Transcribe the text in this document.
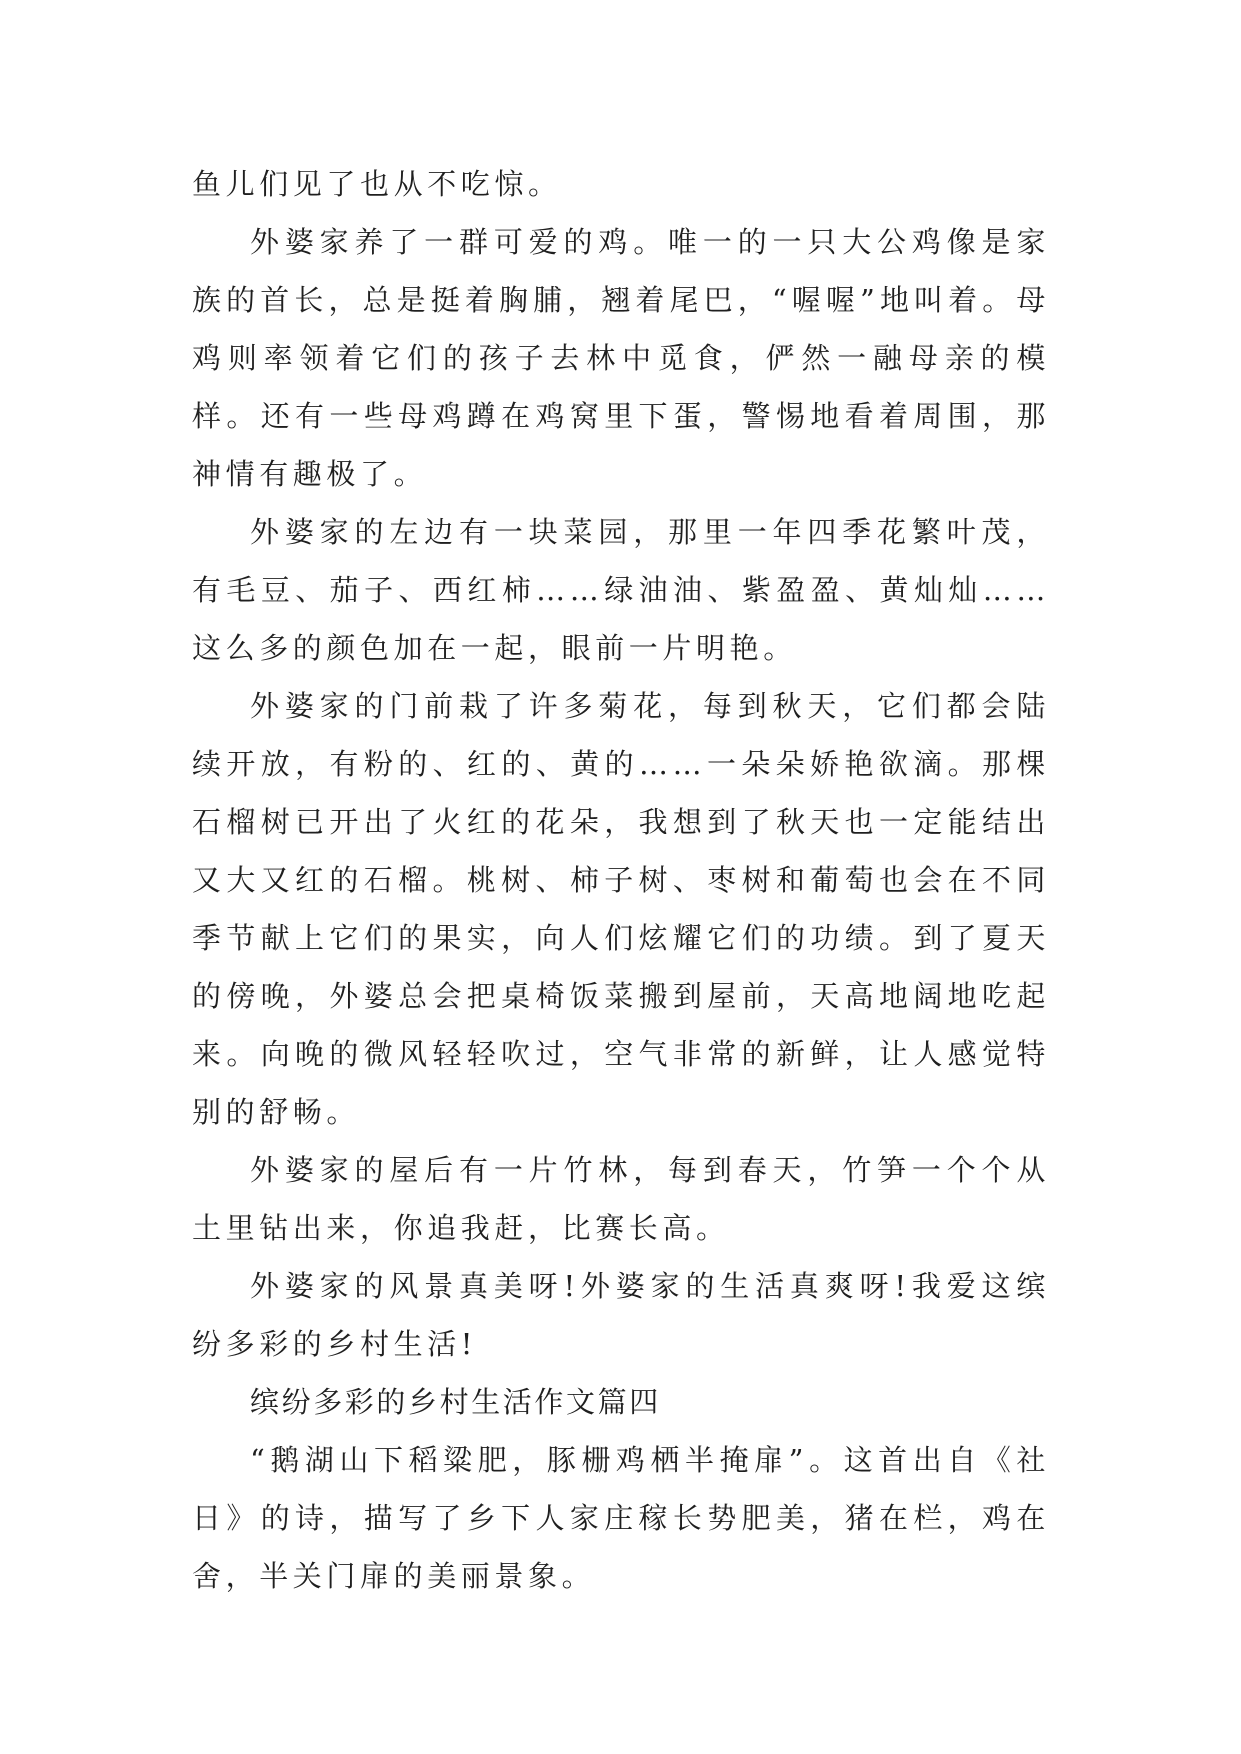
鱼儿们见了也从不吃惊。

外婆家养了一群可爱的鸡。唯一的一只大公鸡像是家族的首长，总是挺着胸脯，翘着尾巴，“喔喔”地叫着。母鸡则率领着它们的孩子去林中觅食，俨然一融母亲的模样。还有一些母鸡蹲在鸡窝里下蛋，警惕地看着周围，那神情有趣极了。

外婆家的左边有一块菜园，那里一年四季花繁叶茂，有毛豆、茄子、西红柿……绿油油、紫盈盈、黄灿灿……这么多的颜色加在一起，眼前一片明艳。

外婆家的门前栽了许多菊花，每到秋天，它们都会陆续开放，有粉的、红的、黄的……一朵朵娇艳欲滴。那棵石榴树已开出了火红的花朵，我想到了秋天也一定能结出又大又红的石榴。桃树、柿子树、枣树和葡萄也会在不同季节献上它们的果实，向人们炫耀它们的功绩。到了夏天的傍晚，外婆总会把桌椅饭菜搬到屋前，天高地阔地吃起来。向晚的微风轻轻吹过，空气非常的新鲜，让人感觉特别的舒畅。

外婆家的屋后有一片竹林，每到春天，竹笋一个个从土里钻出来，你追我赶，比赛长高。

外婆家的风景真美呀!外婆家的生活真爽呀!我爱这缤纷多彩的乡村生活!

缤纷多彩的乡村生活作文篇四

“鹅湖山下稻粱肥，豚栅鸡栖半掩扉”。这首出自《社日》的诗，描写了乡下人家庄稼长势肥美，猪在栏，鸡在舍，半关门扉的美丽景象。
